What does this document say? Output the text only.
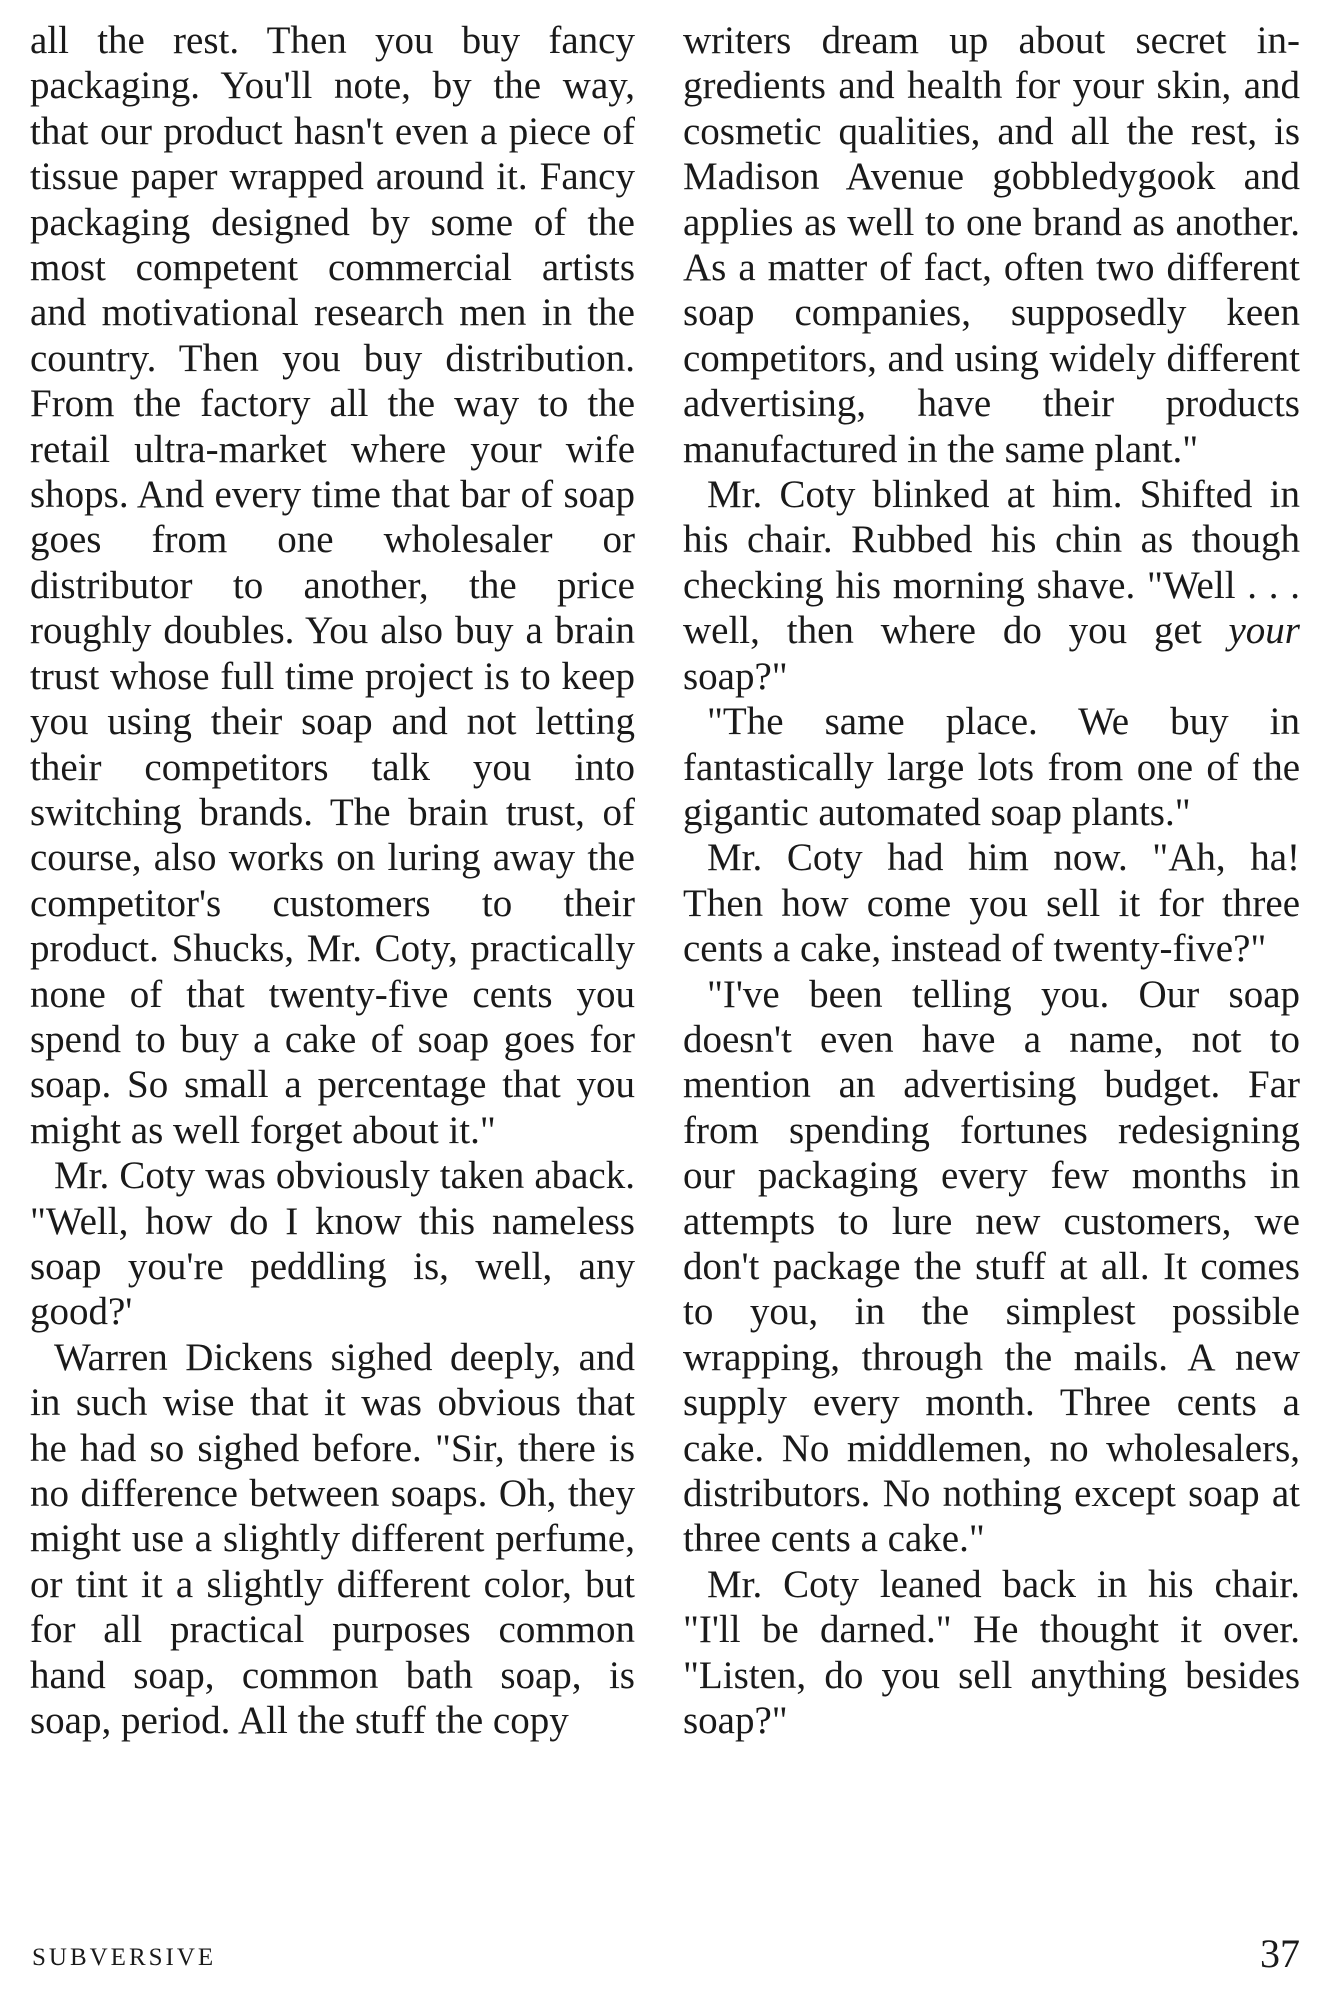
all the rest. Then you buy fancy packaging. You'll note, by the way, that our product hasn't even a piece of tissue paper wrapped around it. Fancy packaging designed by some of the most competent commercial artists and motivational research men in the country. Then you buy distribution. From the factory all the way to the retail ultra-market where your wife shops. And every time that bar of soap goes from one wholesaler or distributor to another, the price roughly doubles. You also buy a brain trust whose full time project is to keep you using their soap and not letting their competitors talk you into switching brands. The brain trust, of course, also works on luring away the competitor's customers to their product. Shucks, Mr. Coty, practically none of that twenty-five cents you spend to buy a cake of soap goes for soap. So small a percentage that you might as well forget about it."

Mr. Coty was obviously taken aback. "Well, how do I know this nameless soap you're peddling is, well, any good?'

Warren Dickens sighed deeply, and in such wise that it was obvious that he had so sighed before. "Sir, there is no difference between soaps. Oh, they might use a slightly different perfume, or tint it a slightly different color, but for all practical purposes common hand soap, common bath soap, is soap, period. All the stuff the copy

writers dream up about secret ingredients and health for your skin, and cosmetic qualities, and all the rest, is Madison Avenue gobbledygook and applies as well to one brand as another. As a matter of fact, often two different soap companies, supposedly keen competitors, and using widely different advertising, have their products manufactured in the same plant."

Mr. Coty blinked at him. Shifted in his chair. Rubbed his chin as though checking his morning shave. "Well . . . well, then where do you get your soap?"

"The same place. We buy in fantastically large lots from one of the gigantic automated soap plants."

Mr. Coty had him now. "Ah, ha! Then how come you sell it for three cents a cake, instead of twenty-five?"

"I've been telling you. Our soap doesn't even have a name, not to mention an advertising budget. Far from spending fortunes redesigning our packaging every few months in attempts to lure new customers, we don't package the stuff at all. It comes to you, in the simplest possible wrapping, through the mails. A new supply every month. Three cents a cake. No middlemen, no wholesalers, distributors. No nothing except soap at three cents a cake."

Mr. Coty leaned back in his chair. "I'll be darned." He thought it over. "Listen, do you sell anything besides soap?"

SUBVERSIVE	37
